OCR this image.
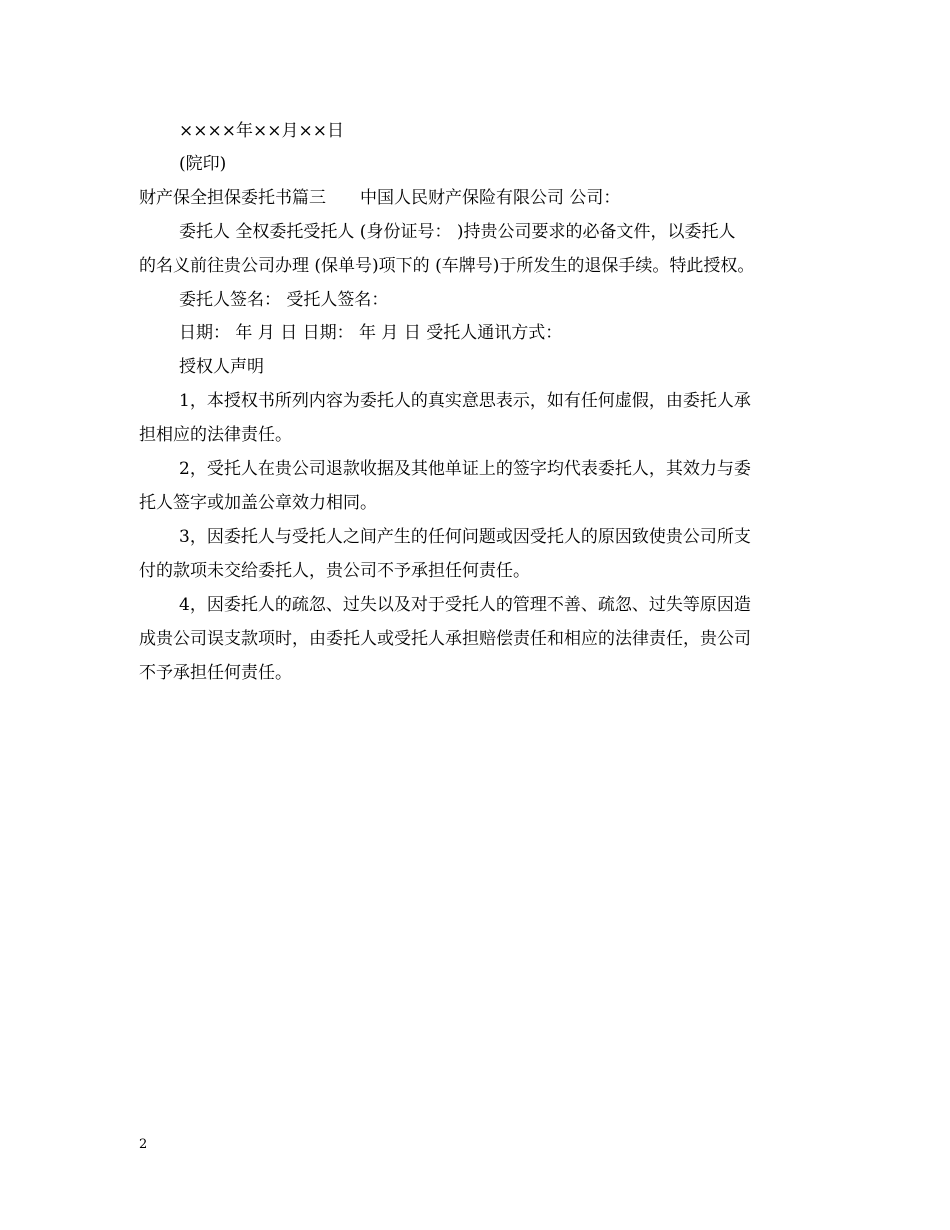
××××年××月××日
(院印)
财产保全担保委托书篇三　　中国人民财产保险有限公司 公司：
委托人 全权委托受托人 (身份证号： )持贵公司要求的必备文件，以委托人
的名义前往贵公司办理 (保单号)项下的 (车牌号)于所发生的退保手续。特此授权。
委托人签名： 受托人签名：
日期： 年 月 日 日期： 年 月 日 受托人通讯方式：
授权人声明
1，本授权书所列内容为委托人的真实意思表示，如有任何虚假，由委托人承
担相应的法律责任。
2，受托人在贵公司退款收据及其他单证上的签字均代表委托人，其效力与委
托人签字或加盖公章效力相同。
3，因委托人与受托人之间产生的任何问题或因受托人的原因致使贵公司所支
付的款项未交给委托人，贵公司不予承担任何责任。
4，因委托人的疏忽、过失以及对于受托人的管理不善、疏忽、过失等原因造
成贵公司误支款项时，由委托人或受托人承担赔偿责任和相应的法律责任，贵公司
不予承担任何责任。
2
